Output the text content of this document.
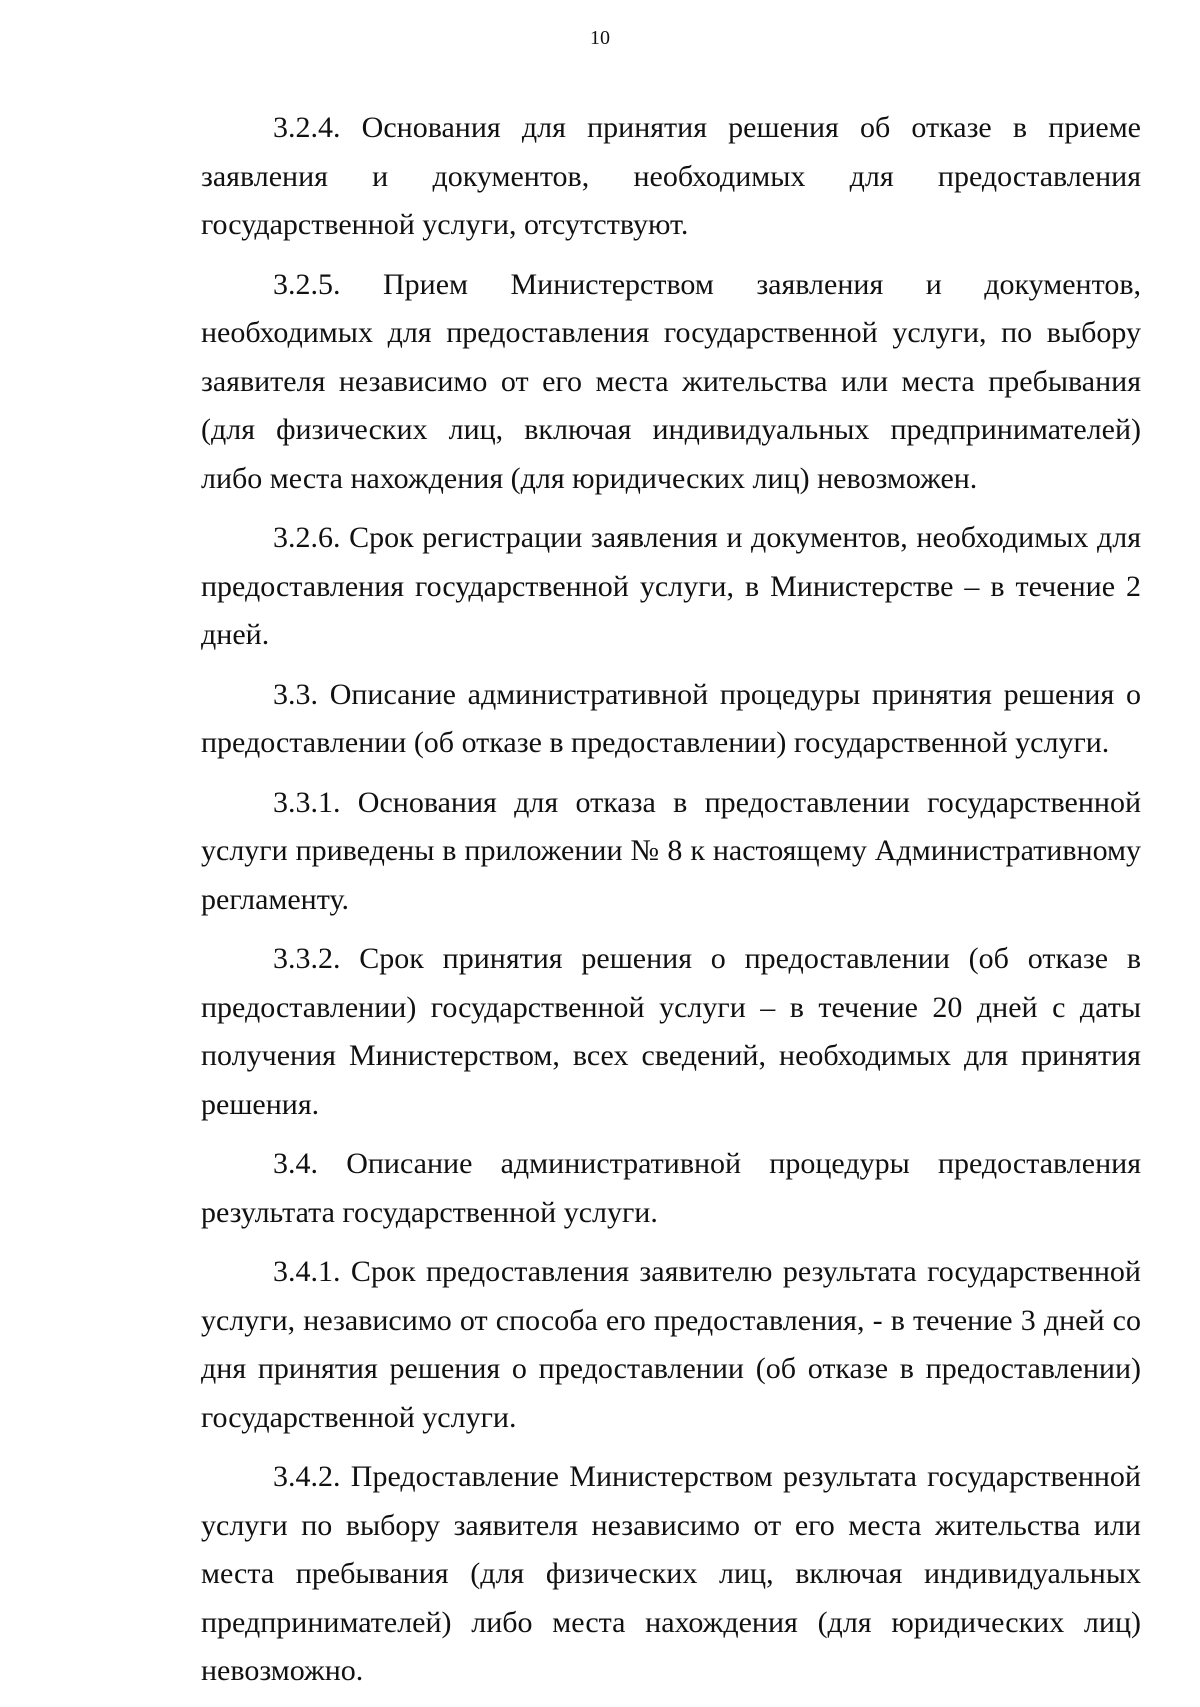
10

3.2.4. Основания для принятия решения об отказе в приеме заявления и документов, необходимых для предоставления государственной услуги, отсутствуют.

3.2.5. Прием Министерством заявления и документов, необходимых для предоставления государственной услуги, по выбору заявителя независимо от его места жительства или места пребывания (для физических лиц, включая индивидуальных предпринимателей) либо места нахождения (для юридических лиц) невозможен.

3.2.6. Срок регистрации заявления и документов, необходимых для предоставления государственной услуги, в Министерстве – в течение 2 дней.

3.3. Описание административной процедуры принятия решения о предоставлении (об отказе в предоставлении) государственной услуги.

3.3.1. Основания для отказа в предоставлении государственной услуги приведены в приложении № 8 к настоящему Административному регламенту.

3.3.2. Срок принятия решения о предоставлении (об отказе в предоставлении) государственной услуги – в течение 20 дней с даты получения Министерством, всех сведений, необходимых для принятия решения.

3.4. Описание административной процедуры предоставления результата государственной услуги.

3.4.1. Срок предоставления заявителю результата государственной услуги, независимо от способа его предоставления, - в течение 3 дней со дня принятия решения о предоставлении (об отказе в предоставлении) государственной услуги.

3.4.2. Предоставление Министерством результата государственной услуги по выбору заявителя независимо от его места жительства или места пребывания (для физических лиц, включая индивидуальных предпринимателей) либо места нахождения (для юридических лиц) невозможно.
